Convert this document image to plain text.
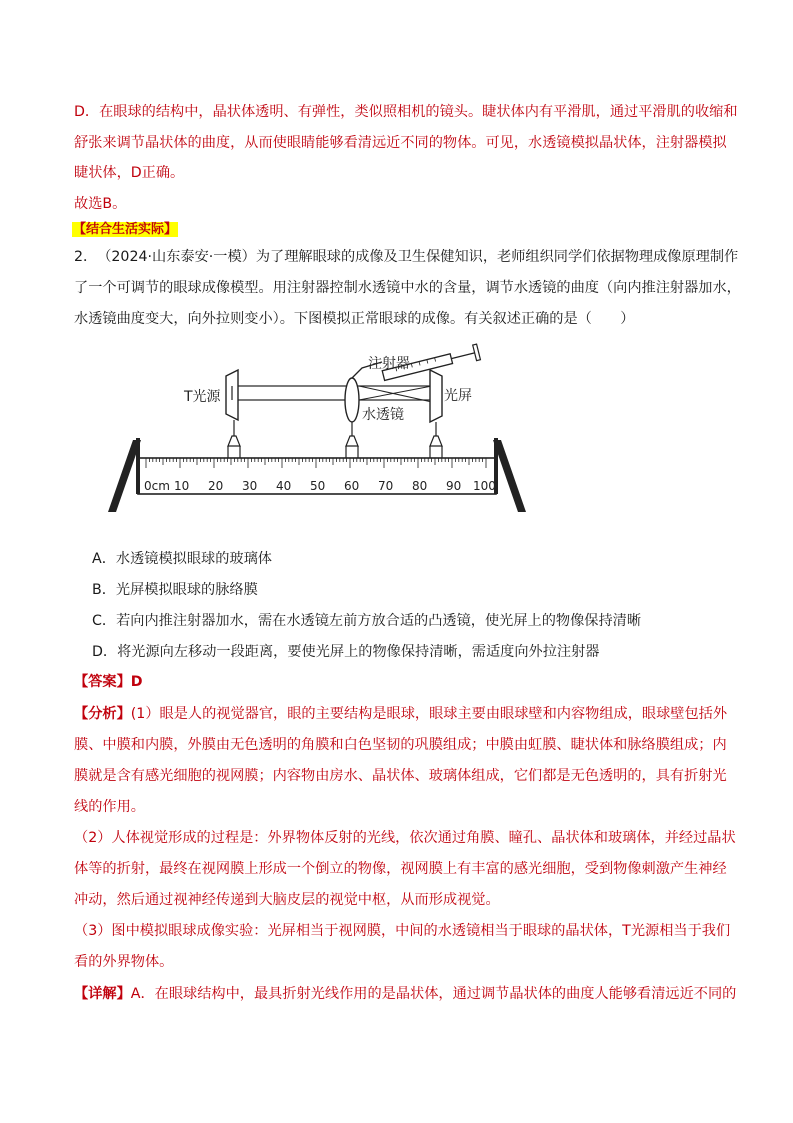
D．在眼球的结构中，晶状体透明、有弹性，类似照相机的镜头。睫状体内有平滑肌，通过平滑肌的收缩和
舒张来调节晶状体的曲度，从而使眼睛能够看清远近不同的物体。可见，水透镜模拟晶状体，注射器模拟
睫状体，D正确。
故选B。
【结合生活实际】
2．　（2024·山东泰安·一模）为了理解眼球的成像及卫生保健知识，老师组织同学们依据物理成像原理制作
了一个可调节的眼球成像模型。用注射器控制水透镜中水的含量，调节水透镜的曲度（向内推注射器加水，
水透镜曲度变大，向外拉则变小）。下图模拟正常眼球的成像。有关叙述正确的是（　　）
0cm 10 20 30 40 50 60 70 80 90 100
注射器
T光源	光屏
水透镜
A．水透镜模拟眼球的玻璃体
B．光屏模拟眼球的脉络膜
C．若向内推注射器加水，需在水透镜左前方放合适的凸透镜，使光屏上的物像保持清晰
D．将光源向左移动一段距离，要使光屏上的物像保持清晰，需适度向外拉注射器
【答案】D
【分析】(1）眼是人的视觉器官，眼的主要结构是眼球，眼球主要由眼球壁和内容物组成，眼球壁包括外
膜、中膜和内膜，外膜由无色透明的角膜和白色坚韧的巩膜组成；中膜由虹膜、睫状体和脉络膜组成；内
膜就是含有感光细胞的视网膜；内容物由房水、晶状体、玻璃体组成，它们都是无色透明的，具有折射光
线的作用。
（2）人体视觉形成的过程是：外界物体反射的光线，依次通过角膜、瞳孔、晶状体和玻璃体，并经过晶状
体等的折射，最终在视网膜上形成一个倒立的物像，视网膜上有丰富的感光细胞，受到物像刺激产生神经
冲动，然后通过视神经传递到大脑皮层的视觉中枢，从而形成视觉。
（3）图中模拟眼球成像实验：光屏相当于视网膜，中间的水透镜相当于眼球的晶状体，T光源相当于我们
看的外界物体。
【详解】A．在眼球结构中，最具折射光线作用的是晶状体，通过调节晶状体的曲度人能够看清远近不同的
